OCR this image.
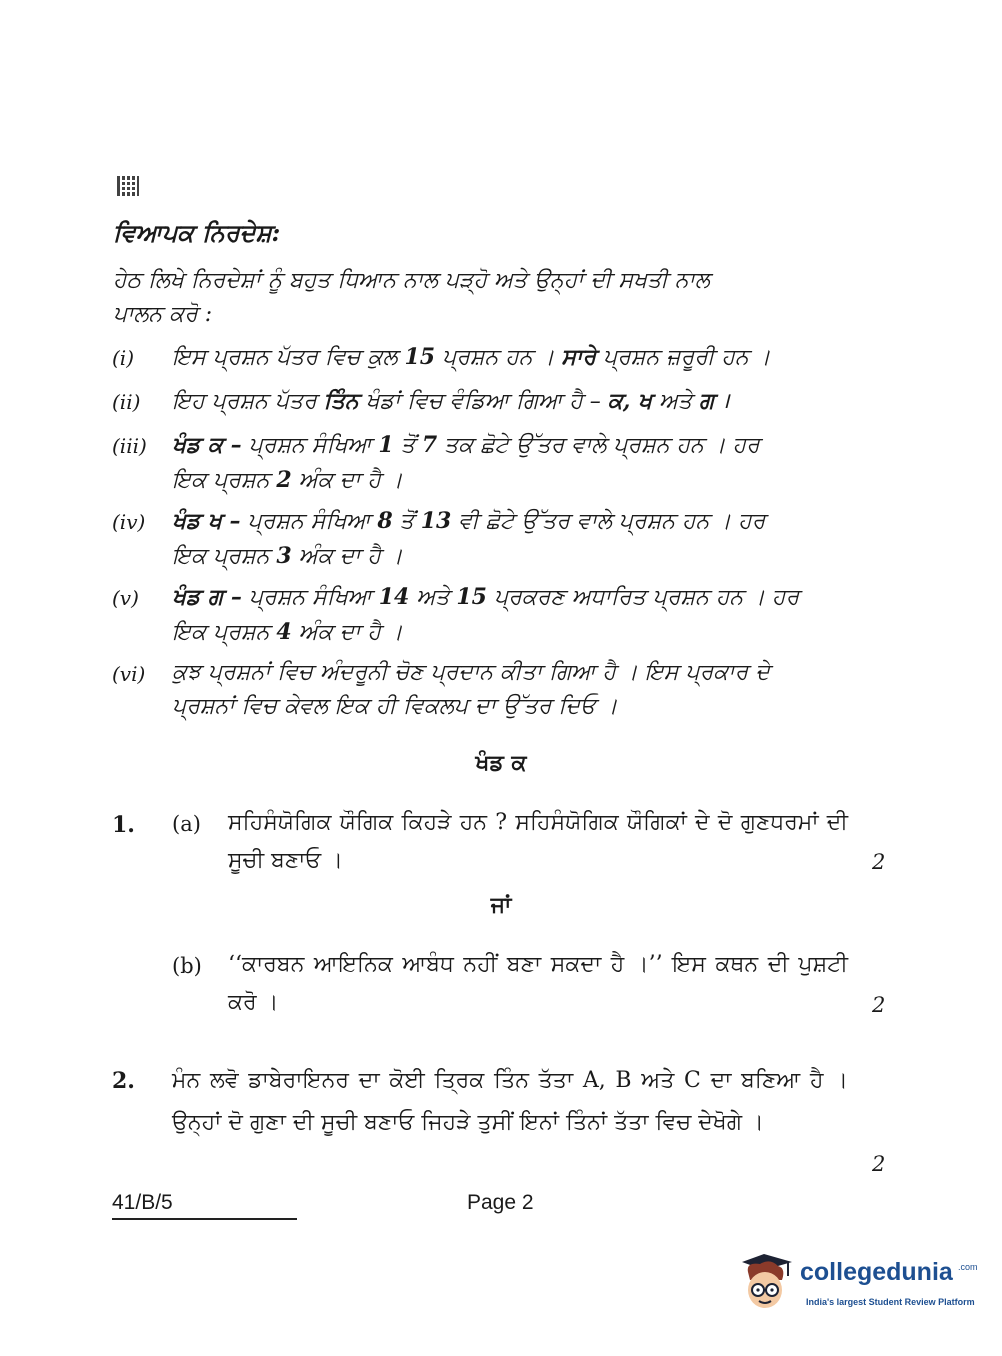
ਵਿਆਪਕ ਨਿਰਦੇਸ਼:
ਹੇਠ ਲਿਖੇ ਨਿਰਦੇਸ਼ਾਂ ਨੂੰ ਬਹੁਤ ਧਿਆਨ ਨਾਲ ਪੜ੍ਹੋ ਅਤੇ ਉਨ੍ਹਾਂ ਦੀ ਸਖਤੀ ਨਾਲ
ਪਾਲਨ ਕਰੋ :
(i) ਇਸ ਪ੍ਰਸ਼ਨ ਪੱਤਰ ਵਿਚ ਕੁਲ 15 ਪ੍ਰਸ਼ਨ ਹਨ । ਸਾਰੇ ਪ੍ਰਸ਼ਨ ਜ਼ਰੂਰੀ ਹਨ ।
(ii) ਇਹ ਪ੍ਰਸ਼ਨ ਪੱਤਰ ਤਿੰਨ ਖੰਡਾਂ ਵਿਚ ਵੰਡਿਆ ਗਿਆ ਹੈ – ਕ, ਖ ਅਤੇ ਗ ।
(iii) ਖੰਡ ਕ – ਪ੍ਰਸ਼ਨ ਸੰਖਿਆ 1 ਤੋਂ 7 ਤਕ ਛੋਟੇ ਉੱਤਰ ਵਾਲੇ ਪ੍ਰਸ਼ਨ ਹਨ । ਹਰ
ਇਕ ਪ੍ਰਸ਼ਨ 2 ਅੰਕ ਦਾ ਹੈ ।
(iv) ਖੰਡ ਖ – ਪ੍ਰਸ਼ਨ ਸੰਖਿਆ 8 ਤੋਂ 13 ਵੀ ਛੋਟੇ ਉੱਤਰ ਵਾਲੇ ਪ੍ਰਸ਼ਨ ਹਨ । ਹਰ
ਇਕ ਪ੍ਰਸ਼ਨ 3 ਅੰਕ ਦਾ ਹੈ ।
(v) ਖੰਡ ਗ – ਪ੍ਰਸ਼ਨ ਸੰਖਿਆ 14 ਅਤੇ 15 ਪ੍ਰਕਰਣ ਅਧਾਰਿਤ ਪ੍ਰਸ਼ਨ ਹਨ । ਹਰ
ਇਕ ਪ੍ਰਸ਼ਨ 4 ਅੰਕ ਦਾ ਹੈ ।
(vi) ਕੁਝ ਪ੍ਰਸ਼ਨਾਂ ਵਿਚ ਅੰਦਰੂਨੀ ਚੋਣ ਪ੍ਰਦਾਨ ਕੀਤਾ ਗਿਆ ਹੈ । ਇਸ ਪ੍ਰਕਾਰ ਦੇ
ਪ੍ਰਸ਼ਨਾਂ ਵਿਚ ਕੇਵਲ ਇਕ ਹੀ ਵਿਕਲਪ ਦਾ ਉੱਤਰ ਦਿਓ ।
ਖੰਡ ਕ
1. (a) ਸਹਿਸੰਯੋਗਿਕ ਯੌਗਿਕ ਕਿਹੜੇ ਹਨ ? ਸਹਿਸੰਯੋਗਿਕ ਯੌਗਿਕਾਂ ਦੇ ਦੋ ਗੁਣਧਰਮਾਂ ਦੀ ਸੂਚੀ ਬਣਾਓ ।	2
ਜਾਂ
(b) ‘‘ਕਾਰਬਨ ਆਇਨਿਕ ਆਬੰਧ ਨਹੀਂ ਬਣਾ ਸਕਦਾ ਹੈ ।’’ ਇਸ ਕਥਨ ਦੀ ਪੁਸ਼ਟੀ ਕਰੋ ।	2
2. ਮੰਨ ਲਵੋ ਡਾਬੇਰਾਇਨਰ ਦਾ ਕੋਈ ਤ੍ਰਿਕ ਤਿੰਨ ਤੱਤਾ A, B ਅਤੇ C ਦਾ ਬਣਿਆ ਹੈ । ਉਨ੍ਹਾਂ ਦੋ ਗੁਣਾ ਦੀ ਸੂਚੀ ਬਣਾਓ ਜਿਹੜੇ ਤੁਸੀਂ ਇਨਾਂ ਤਿੰਨਾਂ ਤੱਤਾ ਵਿਚ ਦੇਖੋਗੇ ।
2
41/B/5	Page 2
collegedunia .com
India's largest Student Review Platform
